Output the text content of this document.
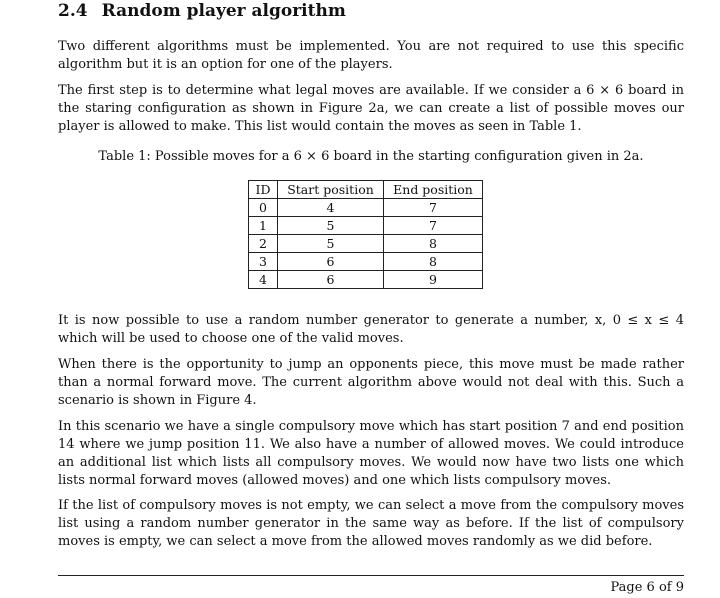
2.4 Random player algorithm

Two different algorithms must be implemented. You are not required to use this specific algorithm but it is an option for one of the players.

The first step is to determine what legal moves are available. If we consider a 6 × 6 board in the staring configuration as shown in Figure 2a, we can create a list of possible moves our player is allowed to make. This list would contain the moves as seen in Table 1.

Table 1: Possible moves for a 6 × 6 board in the starting configuration given in 2a.
ID	Start position	End position
0	4	7
1	5	7
2	5	8
3	6	8
4	6	9

It is now possible to use a random number generator to generate a number, x, 0 ≤ x ≤ 4 which will be used to choose one of the valid moves.

When there is the opportunity to jump an opponents piece, this move must be made rather than a normal forward move. The current algorithm above would not deal with this. Such a scenario is shown in Figure 4.

In this scenario we have a single compulsory move which has start position 7 and end position 14 where we jump position 11. We also have a number of allowed moves. We could introduce an additional list which lists all compulsory moves. We would now have two lists one which lists normal forward moves (allowed moves) and one which lists compulsory moves.

If the list of compulsory moves is not empty, we can select a move from the compulsory moves list using a random number generator in the same way as before. If the list of compulsory moves is empty, we can select a move from the allowed moves randomly as we did before.

Page 6 of 9
